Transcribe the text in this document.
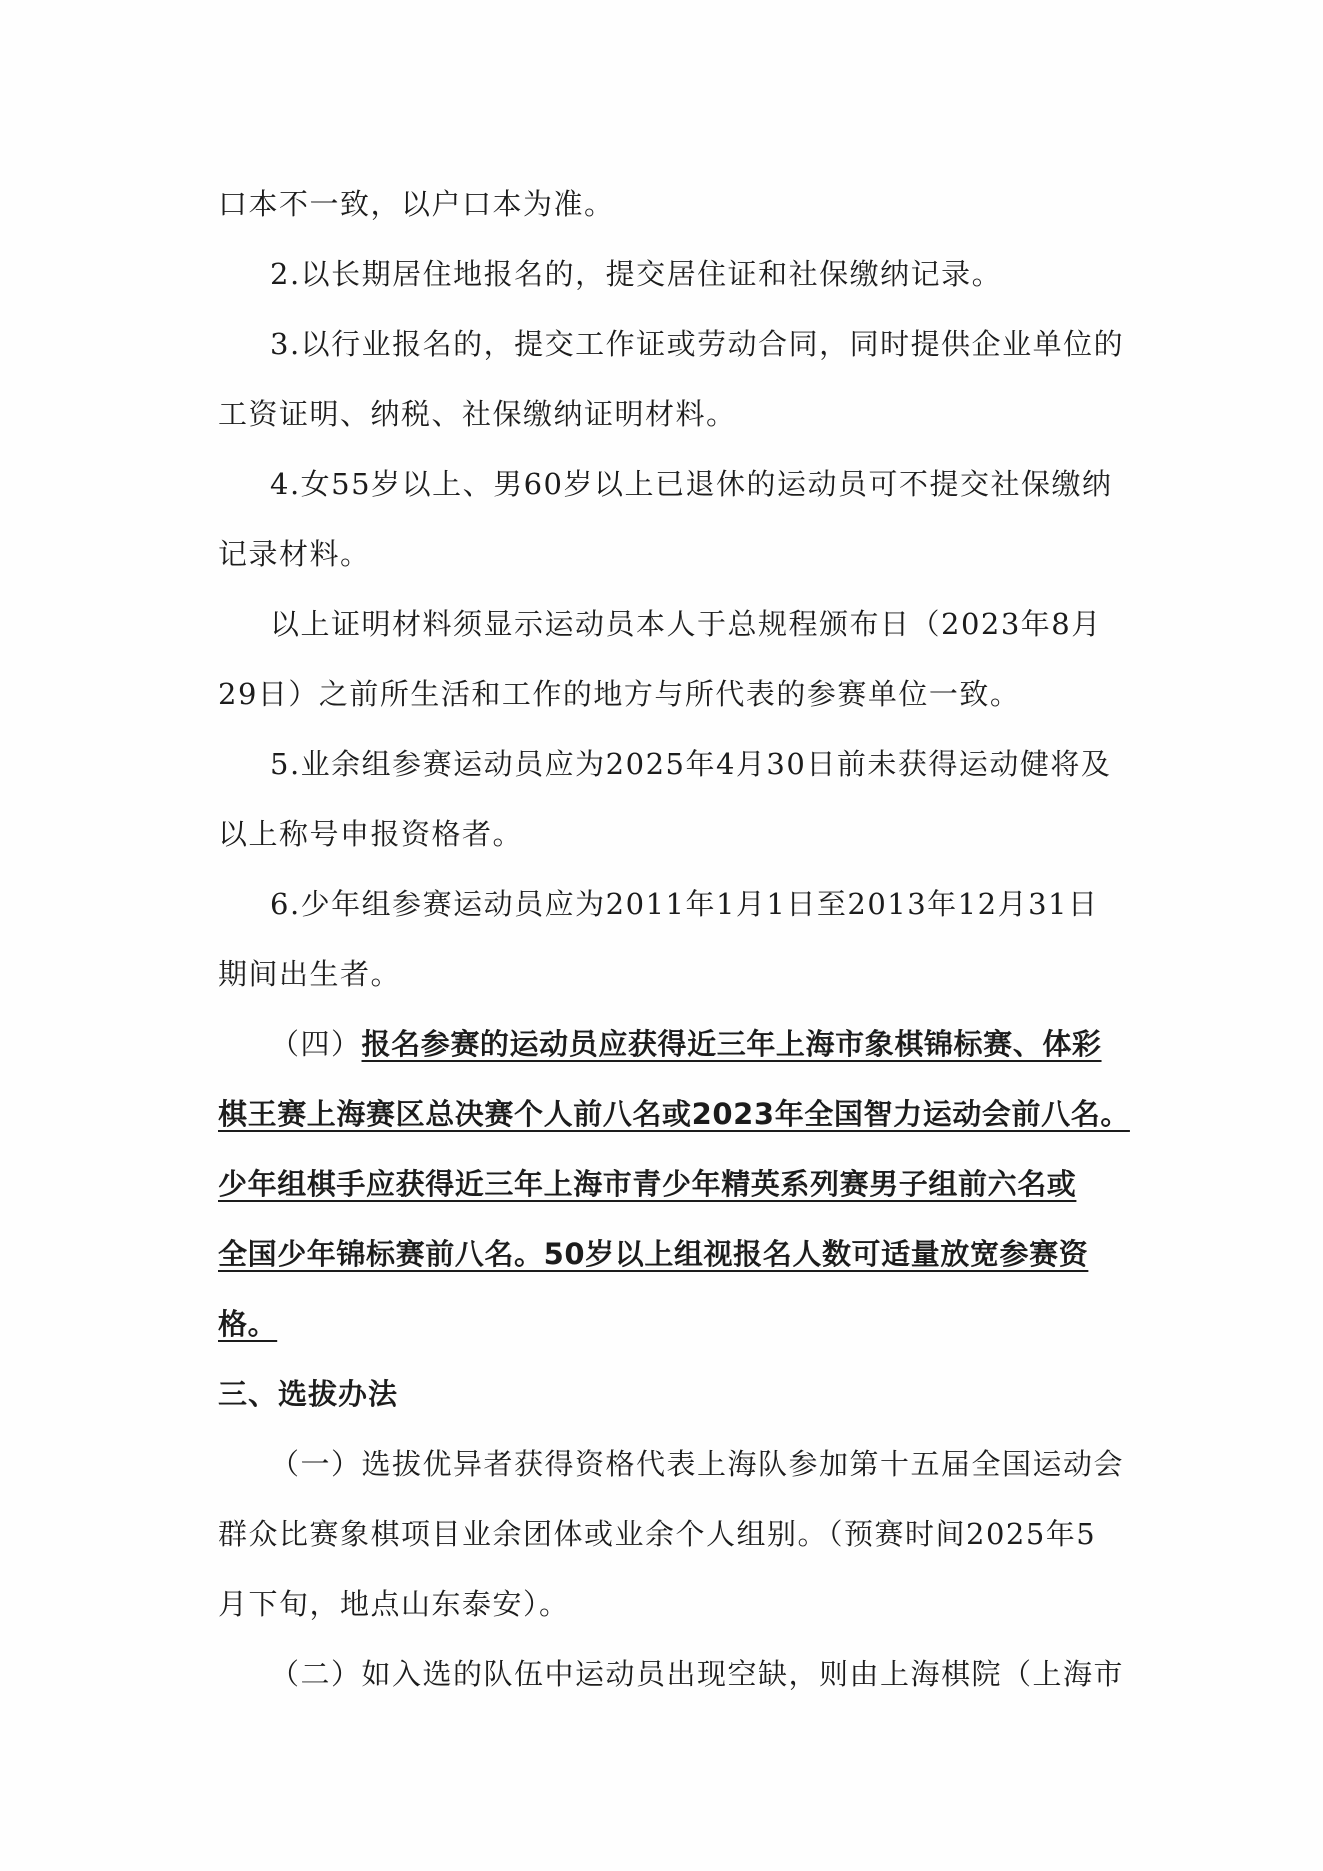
口本不一致，以户口本为准。

2.以长期居住地报名的，提交居住证和社保缴纳记录。

3.以行业报名的，提交工作证或劳动合同，同时提供企业单位的

工资证明、纳税、社保缴纳证明材料。

4.女55岁以上、男60岁以上已退休的运动员可不提交社保缴纳

记录材料。

以上证明材料须显示运动员本人于总规程颁布日（2023年8月

29日）之前所生活和工作的地方与所代表的参赛单位一致。

5.业余组参赛运动员应为2025年4月30日前未获得运动健将及

以上称号申报资格者。

6.少年组参赛运动员应为2011年1月1日至2013年12月31日

期间出生者。

（四）报名参赛的运动员应获得近三年上海市象棋锦标赛、体彩

棋王赛上海赛区总决赛个人前八名或2023年全国智力运动会前八名。

少年组棋手应获得近三年上海市青少年精英系列赛男子组前六名或

全国少年锦标赛前八名。50岁以上组视报名人数可适量放宽参赛资

格。

三、选拔办法

（一）选拔优异者获得资格代表上海队参加第十五届全国运动会

群众比赛象棋项目业余团体或业余个人组别。（预赛时间2025年5

月下旬，地点山东泰安）。

（二）如入选的队伍中运动员出现空缺，则由上海棋院（上海市
